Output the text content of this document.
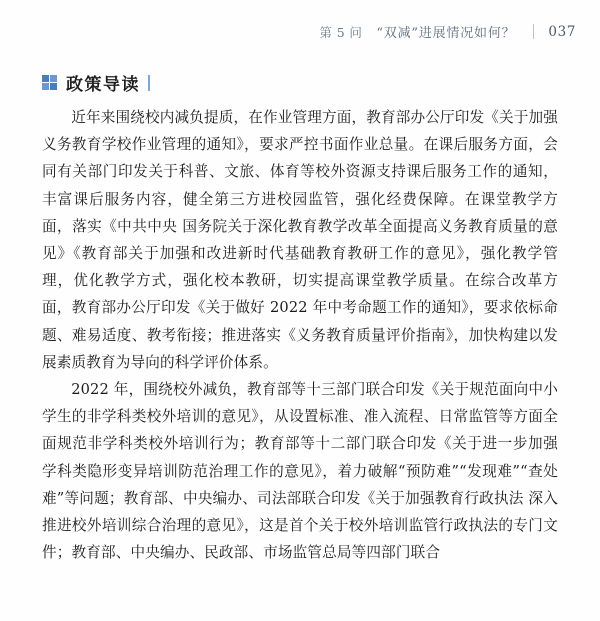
第 5 问 “双减”进展情况如何？ 037
政策导读

近年来围绕校内减负提质，在作业管理方面，教育部办公厅印发《关于加强义务教育学校作业管理的通知》，要求严控书面作业总量。在课后服务方面，会同有关部门印发关于科普、文旅、体育等校外资源支持课后服务工作的通知，丰富课后服务内容，健全第三方进校园监管，强化经费保障。在课堂教学方面，落实《中共中央 国务院关于深化教育教学改革全面提高义务教育质量的意见》《教育部关于加强和改进新时代基础教育教研工作的意见》，强化教学管理，优化教学方式，强化校本教研，切实提高课堂教学质量。在综合改革方面，教育部办公厅印发《关于做好 2022 年中考命题工作的通知》，要求依标命题、难易适度、教考衔接；推进落实《义务教育质量评价指南》，加快构建以发展素质教育为导向的科学评价体系。

2022 年，围绕校外减负，教育部等十三部门联合印发《关于规范面向中小学生的非学科类校外培训的意见》，从设置标准、准入流程、日常监管等方面全面规范非学科类校外培训行为；教育部等十二部门联合印发《关于进一步加强学科类隐形变异培训防范治理工作的意见》，着力破解“预防难”“发现难”“查处难”等问题；教育部、中央编办、司法部联合印发《关于加强教育行政执法 深入推进校外培训综合治理的意见》，这是首个关于校外培训监管行政执法的专门文件；教育部、中央编办、民政部、市场监管总局等四部门联合
